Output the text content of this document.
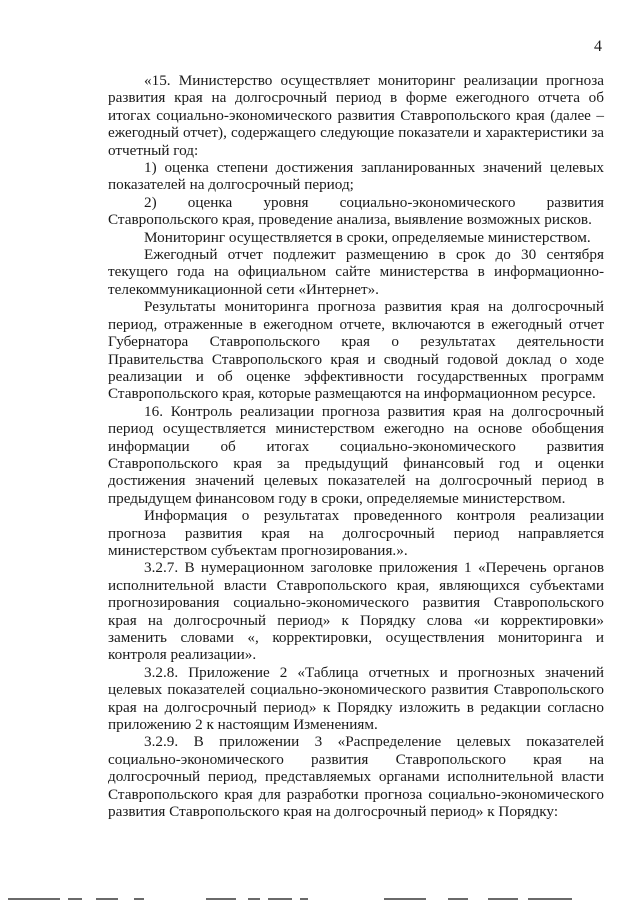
4

«15. Министерство осуществляет мониторинг реализации прогноза развития края на долгосрочный период в форме ежегодного отчета об итогах социально-экономического развития Ставропольского края (далее – ежегодный отчет), содержащего следующие показатели и характеристики за отчетный год:

1) оценка степени достижения запланированных значений целевых показателей на долгосрочный период;

2) оценка уровня социально-экономического развития Ставропольского края, проведение анализа, выявление возможных рисков.

Мониторинг осуществляется в сроки, определяемые министерством.

Ежегодный отчет подлежит размещению в срок до 30 сентября текущего года на официальном сайте министерства в информационно-телекоммуникационной сети «Интернет».

Результаты мониторинга прогноза развития края на долгосрочный период, отраженные в ежегодном отчете, включаются в ежегодный отчет Губернатора Ставропольского края о результатах деятельности Правительства Ставропольского края и сводный годовой доклад о ходе реализации и об оценке эффективности государственных программ Ставропольского края, которые размещаются на информационном ресурсе.

16. Контроль реализации прогноза развития края на долгосрочный период осуществляется министерством ежегодно на основе обобщения информации об итогах социально-экономического развития Ставропольского края за предыдущий финансовый год и оценки достижения значений целевых показателей на долгосрочный период в предыдущем финансовом году в сроки, определяемые министерством.

Информация о результатах проведенного контроля реализации прогноза развития края на долгосрочный период направляется министерством субъектам прогнозирования.».

3.2.7. В нумерационном заголовке приложения 1 «Перечень органов исполнительной власти Ставропольского края, являющихся субъектами прогнозирования социально-экономического развития Ставропольского края на долгосрочный период» к Порядку слова «и корректировки» заменить словами «, корректировки, осуществления мониторинга и контроля реализации».

3.2.8. Приложение 2 «Таблица отчетных и прогнозных значений целевых показателей социально-экономического развития Ставропольского края на долгосрочный период» к Порядку изложить в редакции согласно приложению 2 к настоящим Изменениям.

3.2.9. В приложении 3 «Распределение целевых показателей социально-экономического развития Ставропольского края на долгосрочный период, представляемых органами исполнительной власти Ставропольского края для разработки прогноза социально-экономического развития Ставропольского края на долгосрочный период» к Порядку:
